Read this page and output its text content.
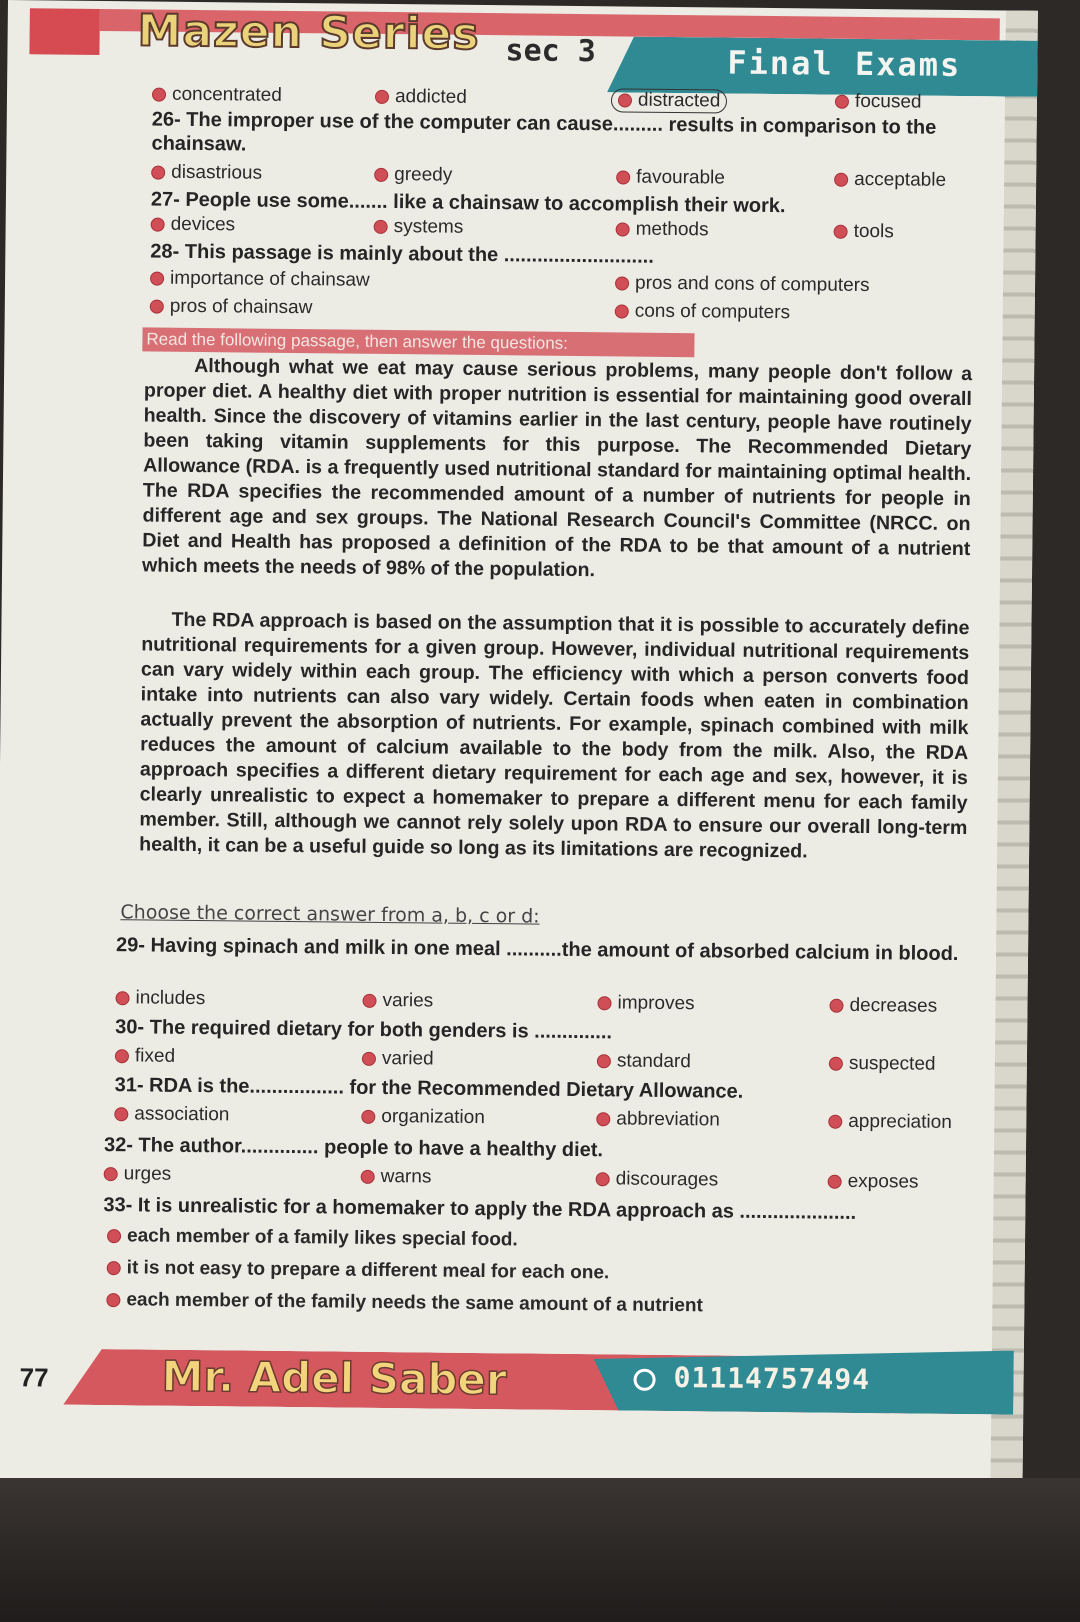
Mazen Series sec 3	Final Exams
concentrated	addicted	distracted	focused
26- The improper use of the computer can cause......... results in comparison to the chainsaw.
disastrious	greedy	favourable	acceptable
27- People use some....... like a chainsaw to accomplish their work.
devices	systems	methods	tools
28- This passage is mainly about the ...........................
importance of chainsaw	pros and cons of computers
pros of chainsaw	cons of computers
Read the following passage, then answer the questions:
Although what we eat may cause serious problems, many people don't follow a proper diet. A healthy diet with proper nutrition is essential for maintaining good overall health. Since the discovery of vitamins earlier in the last century, people have routinely been taking vitamin supplements for this purpose. The Recommended Dietary Allowance (RDA. is a frequently used nutritional standard for maintaining optimal health. The RDA specifies the recommended amount of a number of nutrients for people in different age and sex groups. The National Research Council's Committee (NRCC. on Diet and Health has proposed a definition of the RDA to be that amount of a nutrient which meets the needs of 98% of the population.
The RDA approach is based on the assumption that it is possible to accurately define nutritional requirements for a given group. However, individual nutritional requirements can vary widely within each group. The efficiency with which a person converts food intake into nutrients can also vary widely. Certain foods when eaten in combination actually prevent the absorption of nutrients. For example, spinach combined with milk reduces the amount of calcium available to the body from the milk. Also, the RDA approach specifies a different dietary requirement for each age and sex, however, it is clearly unrealistic to expect a homemaker to prepare a different menu for each family member. Still, although we cannot rely solely upon RDA to ensure our overall long-term health, it can be a useful guide so long as its limitations are recognized.
Choose the correct answer from a, b, c or d:
29- Having spinach and milk in one meal ..........the amount of absorbed calcium in blood.
includes	varies	improves	decreases
30- The required dietary for both genders is ..............
fixed	varied	standard	suspected
31- RDA is the................. for the Recommended Dietary Allowance.
association	organization	abbreviation	appreciation
32- The author.............. people to have a healthy diet.
urges	warns	discourages	exposes
33- It is unrealistic for a homemaker to apply the RDA approach as .....................
each member of a family likes special food.
it is not easy to prepare a different meal for each one.
each member of the family needs the same amount of a nutrient
77	Mr. Adel Saber	01114757494
